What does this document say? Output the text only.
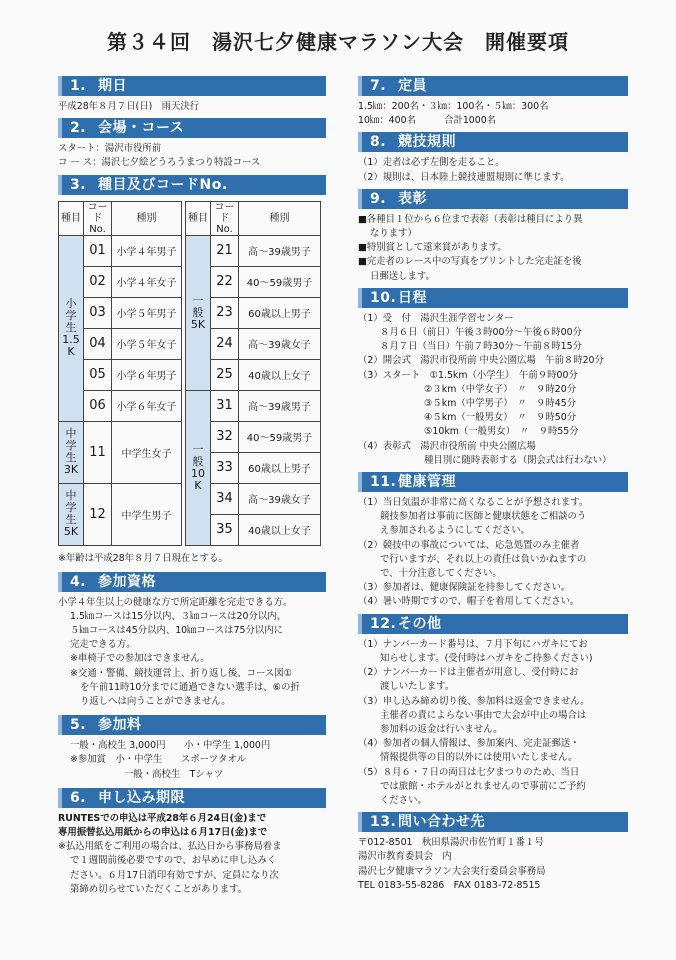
第３４回　湯沢七夕健康マラソン大会　開催要項
1. 期日
平成28年８月７日(日)　雨天決行
2. 会場・コース
スタート：湯沢市役所前
コ ー ス：湯沢七夕絵どうろうまつり特設コース
3. 種目及びコードNo.
種目	コード No.	種別		種目	コード No.	種別
小学生 1.5K	01	小学４年男子		一般 5K	21	高～39歳男子
	02	小学４年女子			22	40～59歳男子
	03	小学５年男子			23	60歳以上男子
	04	小学５年女子			24	高～39歳女子
	05	小学６年男子			25	40歳以上女子
	06	小学６年女子		一般 10K	31	高～39歳男子
中学生 3K	11	中学生女子			32	40～59歳男子
					33	60歳以上男子
中学生 5K	12	中学生男子			34	高～39歳女子
					35	40歳以上女子
※年齢は平成28年８月７日現在とする。
4. 参加資格
小学４年生以上の健康な方で所定距離を完走できる方。
1.5㎞コースは15分以内、３㎞コースは20分以内、
５㎞コースは45分以内、10㎞コースは75分以内に
完走できる方。
※車椅子での参加はできません。
※交通・警備、競技運営上、折り返し後、コース図①
を午前11時10分までに通過できない選手は、⑥の折
り返しへは向うことができません。
5. 参加料
一般・高校生 3,000円　　小・中学生 1,000円
※参加賞　小・中学生　　スポーツタオル
一般・高校生　Tシャツ
6. 申し込み期限
RUNTESでの申込は平成28年６月24日(金)まで
専用振替払込用紙からの申込は６月17日(金)まで
※払込用紙をご利用の場合は、払込日から事務局着ま
で１週間前後必要ですので、お早めに申し込みく
ださい。６月17日消印有効ですが、定員になり次
第締め切らせていただくことがあります。
7. 定員
1.5㎞：200名・３㎞：100名・５㎞：300名
10㎞：400名　　　合計1000名
8. 競技規則
（1）走者は必ず左側を走ること。
（2）規則は、日本陸上競技連盟規則に準じます。
9. 表彰
■各種目１位から６位まで表彰（表彰は種目により異
なります）
■特別賞として遠来賞があります。
■完走者のレース中の写真をプリントした完走証を後
日郵送します。
10. 日程
（1）受　付　湯沢生涯学習センター
８月６日（前日）午後３時00分～午後６時00分
８月７日（当日）午前７時30分～午前８時15分
（2）開会式　湯沢市役所前 中央公園広場　午前８時20分
（3）スタート　①1.5km（小学生）　午前９時00分
②３km（中学女子）　〃　９時20分
③５km（中学男子）　〃　９時45分
④５km（一般男女）　〃　９時50分
⑤10km（一般男女）　〃　９時55分
（4）表彰式　湯沢市役所前 中央公園広場
種目別に随時表彰する（閉会式は行わない）
11. 健康管理
（1）当日気温が非常に高くなることが予想されます。
競技参加者は事前に医師と健康状態をご相談のう
え参加されるようにしてください。
（2）競技中の事故については、応急処置のみ主催者
で行いますが、それ以上の責任は負いかねますの
で、十分注意してください。
（3）参加者は、健康保険証を持参してください。
（4）暑い時期ですので、帽子を着用してください。
12. その他
（1）ナンバーカード番号は、７月下旬にハガキにてお
知らせします。(受付時はハガキをご持参ください)
（2）ナンバーカードは主催者が用意し、受付時にお
渡しいたします。
（3）申し込み締め切り後、参加料は返金できません。
主催者の責によらない事由で大会が中止の場合は
参加料の返金は行いません。
（4）参加者の個人情報は、参加案内、完走証郵送・
情報提供等の目的以外には使用いたしません。
（5）８月６・７日の両日は七夕まつりのため、当日
では旅館・ホテルがとれませんので事前にご予約
ください。
13. 問い合わせ先
〒012-8501　秋田県湯沢市佐竹町１番１号
湯沢市教育委員会　内
湯沢七夕健康マラソン大会実行委員会事務局
TEL 0183-55-8286　FAX 0183-72-8515
